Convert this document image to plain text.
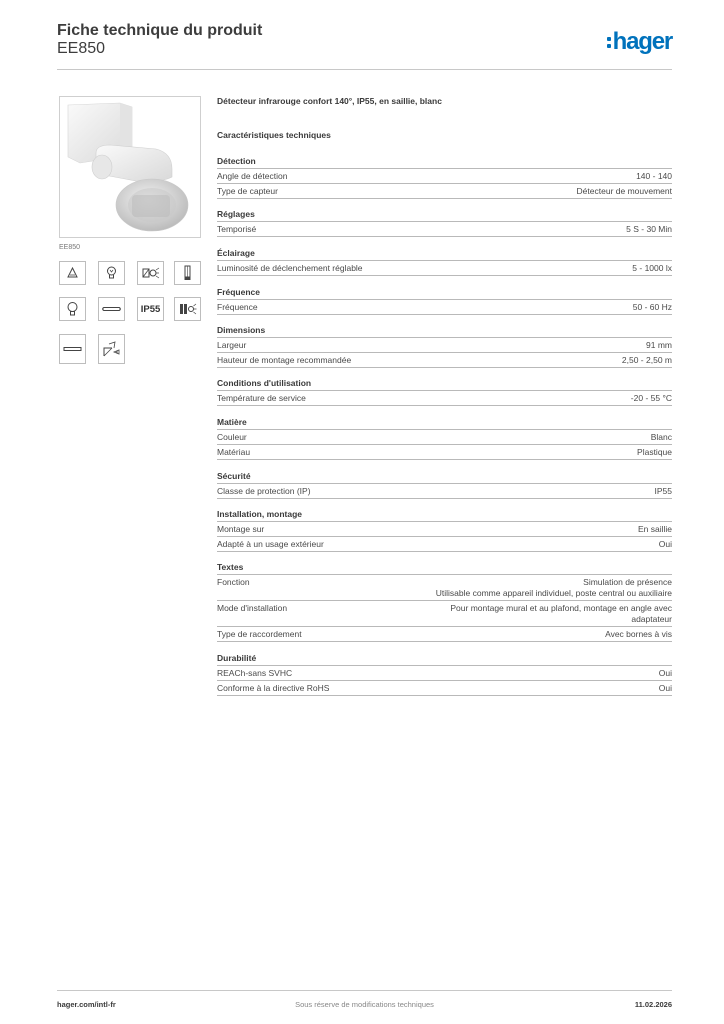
Fiche technique du produit
EE850	hager
EE850
IP55
Détecteur infrarouge confort 140°, IP55, en saillie, blanc
Caractéristiques techniques
Détection
Angle de détection	140 - 140
Type de capteur	Détecteur de mouvement
Réglages
Temporisé	5 S - 30 Min
Éclairage
Luminosité de déclenchement réglable	5 - 1000 lx
Fréquence
Fréquence	50 - 60 Hz
Dimensions
Largeur	91 mm
Hauteur de montage recommandée	2,50 - 2,50 m
Conditions d'utilisation
Température de service	-20 - 55 °C
Matière
Couleur	Blanc
Matériau	Plastique
Sécurité
Classe de protection (IP)	IP55
Installation, montage
Montage sur	En saillie
Adapté à un usage extérieur	Oui
Textes
Fonction	Simulation de présence
Utilisable comme appareil individuel, poste central ou auxiliaire
Mode d'installation	Pour montage mural et au plafond, montage en angle avec
adaptateur
Type de raccordement	Avec bornes à vis
Durabilité
REACh-sans SVHC	Oui
Conforme à la directive RoHS	Oui
hager.com/intl-fr	Sous réserve de modifications techniques	11.02.2026
